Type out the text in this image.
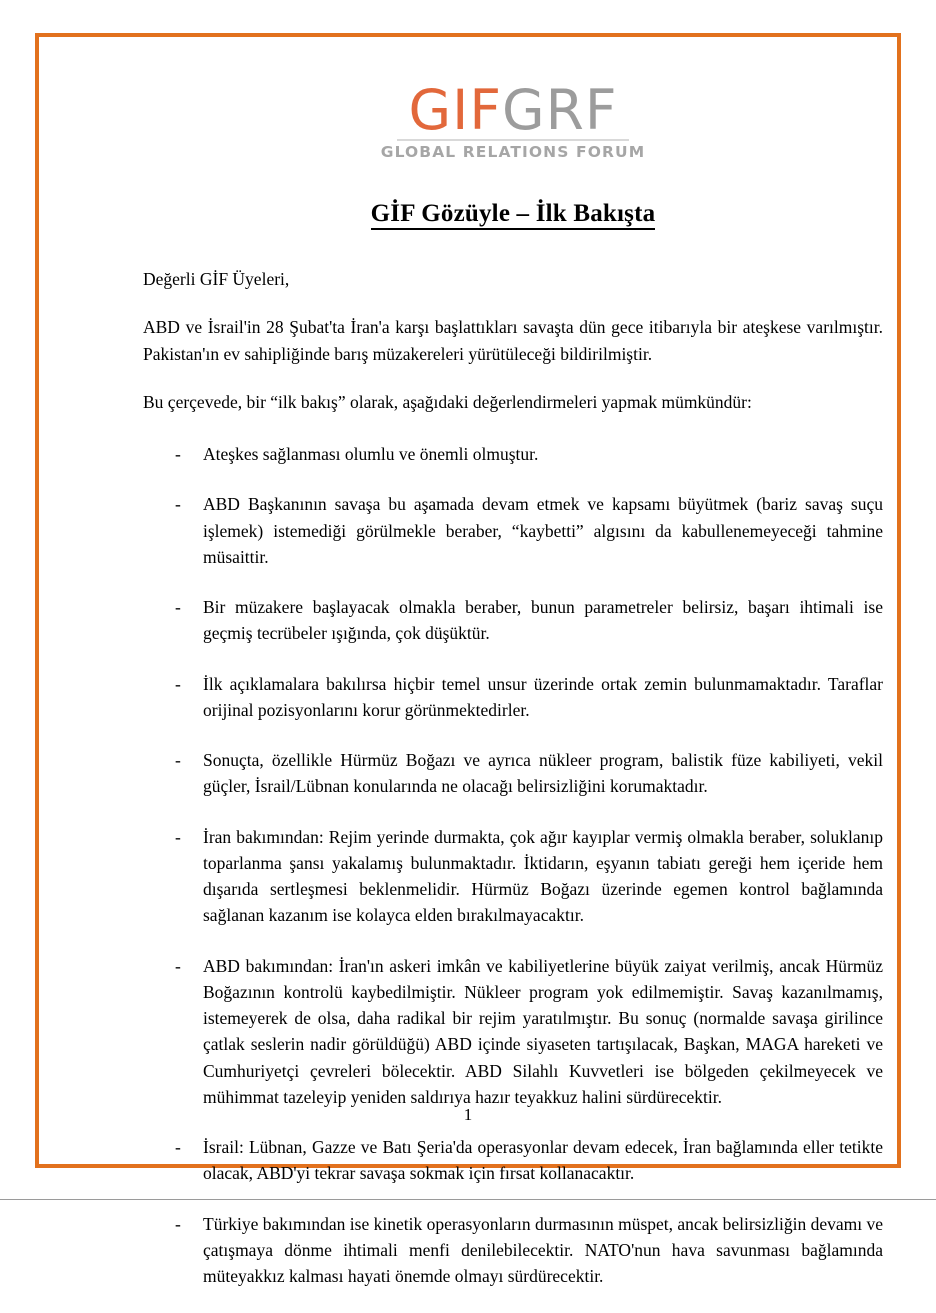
GIFGRF
GLOBAL RELATIONS FORUM
GİF Gözüyle – İlk Bakışta

Değerli GİF Üyeleri,

ABD ve İsrail'in 28 Şubat'ta İran'a karşı başlattıkları savaşta dün gece itibarıyla bir ateşkese varılmıştır. Pakistan'ın ev sahipliğinde barış müzakereleri yürütüleceği bildirilmiştir.

Bu çerçevede, bir “ilk bakış” olarak, aşağıdaki değerlendirmeleri yapmak mümkündür:

-	Ateşkes sağlanması olumlu ve önemli olmuştur.
-	ABD Başkanının savaşa bu aşamada devam etmek ve kapsamı büyütmek (bariz savaş suçu işlemek) istemediği görülmekle beraber, “kaybetti” algısını da kabullenemeyeceği tahmine müsaittir.
-	Bir müzakere başlayacak olmakla beraber, bunun parametreler belirsiz, başarı ihtimali ise geçmiş tecrübeler ışığında, çok düşüktür.
-	İlk açıklamalara bakılırsa hiçbir temel unsur üzerinde ortak zemin bulunmamaktadır. Taraflar orijinal pozisyonlarını korur görünmektedirler.
-	Sonuçta, özellikle Hürmüz Boğazı ve ayrıca nükleer program, balistik füze kabiliyeti, vekil güçler, İsrail/Lübnan konularında ne olacağı belirsizliğini korumaktadır.
-	İran bakımından: Rejim yerinde durmakta, çok ağır kayıplar vermiş olmakla beraber, soluklanıp toparlanma şansı yakalamış bulunmaktadır. İktidarın, eşyanın tabiatı gereği hem içeride hem dışarıda sertleşmesi beklenmelidir. Hürmüz Boğazı üzerinde egemen kontrol bağlamında sağlanan kazanım ise kolayca elden bırakılmayacaktır.
-	ABD bakımından: İran'ın askeri imkân ve kabiliyetlerine büyük zaiyat verilmiş, ancak Hürmüz Boğazının kontrolü kaybedilmiştir. Nükleer program yok edilmemiştir. Savaş kazanılmamış, istemeyerek de olsa, daha radikal bir rejim yaratılmıştır. Bu sonuç (normalde savaşa girilince çatlak seslerin nadir görüldüğü) ABD içinde siyaseten tartışılacak, Başkan, MAGA hareketi ve Cumhuriyetçi çevreleri bölecektir. ABD Silahlı Kuvvetleri ise bölgeden çekilmeyecek ve mühimmat tazeleyip yeniden saldırıya hazır teyakkuz halini sürdürecektir.
-	İsrail: Lübnan, Gazze ve Batı Şeria'da operasyonlar devam edecek, İran bağlamında eller tetikte olacak, ABD'yi tekrar savaşa sokmak için fırsat kollanacaktır.
-	Türkiye bakımından ise kinetik operasyonların durmasının müspet, ancak belirsizliğin devamı ve çatışmaya dönme ihtimali menfi denilebilecektir. NATO'nun hava savunması bağlamında müteyakkız kalması hayati önemde olmayı sürdürecektir.
1
